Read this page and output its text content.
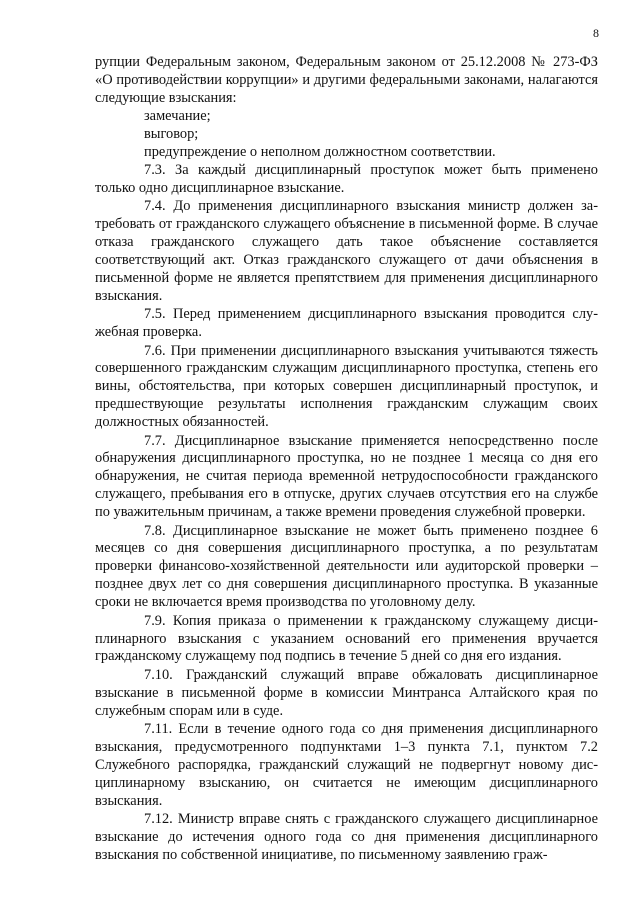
8

рупции Федеральным законом, Федеральным законом от 25.12.2008 № 273-ФЗ «О противодействии коррупции» и другими федеральными законами, налагаются следующие взыскания:

замечание;

выговор;

предупреждение о неполном должностном соответствии.

7.3. За каждый дисциплинарный проступок может быть применено только одно дисциплинарное взыскание.

7.4. До применения дисциплинарного взыскания министр должен затребовать от гражданского служащего объяснение в письменной форме. В случае отказа гражданского служащего дать такое объяснение составляется соответствующий акт. Отказ гражданского служащего от дачи объяснения в письменной форме не является препятствием для применения дисциплинарного взыскания.

7.5. Перед применением дисциплинарного взыскания проводится служебная проверка.

7.6. При применении дисциплинарного взыскания учитываются тяжесть совершенного гражданским служащим дисциплинарного проступка, степень его вины, обстоятельства, при которых совершен дисциплинарный проступок, и предшествующие результаты исполнения гражданским служащим своих должностных обязанностей.

7.7. Дисциплинарное взыскание применяется непосредственно после обнаружения дисциплинарного проступка, но не позднее 1 месяца со дня его обнаружения, не считая периода временной нетрудоспособности гражданского служащего, пребывания его в отпуске, других случаев отсутствия его на службе по уважительным причинам, а также времени проведения служебной проверки.

7.8. Дисциплинарное взыскание не может быть применено позднее 6 месяцев со дня совершения дисциплинарного проступка, а по результатам проверки финансово-хозяйственной деятельности или аудиторской проверки – позднее двух лет со дня совершения дисциплинарного проступка. В указанные сроки не включается время производства по уголовному делу.

7.9. Копия приказа о применении к гражданскому служащему дисциплинарного взыскания с указанием оснований его применения вручается гражданскому служащему под подпись в течение 5 дней со дня его издания.

7.10. Гражданский служащий вправе обжаловать дисциплинарное взыскание в письменной форме в комиссии Минтранса Алтайского края по служебным спорам или в суде.

7.11. Если в течение одного года со дня применения дисциплинарного взыскания, предусмотренного подпунктами 1–3 пункта 7.1, пунктом 7.2 Служебного распорядка, гражданский служащий не подвергнут новому дисциплинарному взысканию, он считается не имеющим дисциплинарного взыскания.

7.12. Министр вправе снять с гражданского служащего дисциплинарное взыскание до истечения одного года со дня применения дисциплинарного взыскания по собственной инициативе, по письменному заявлению граж-
